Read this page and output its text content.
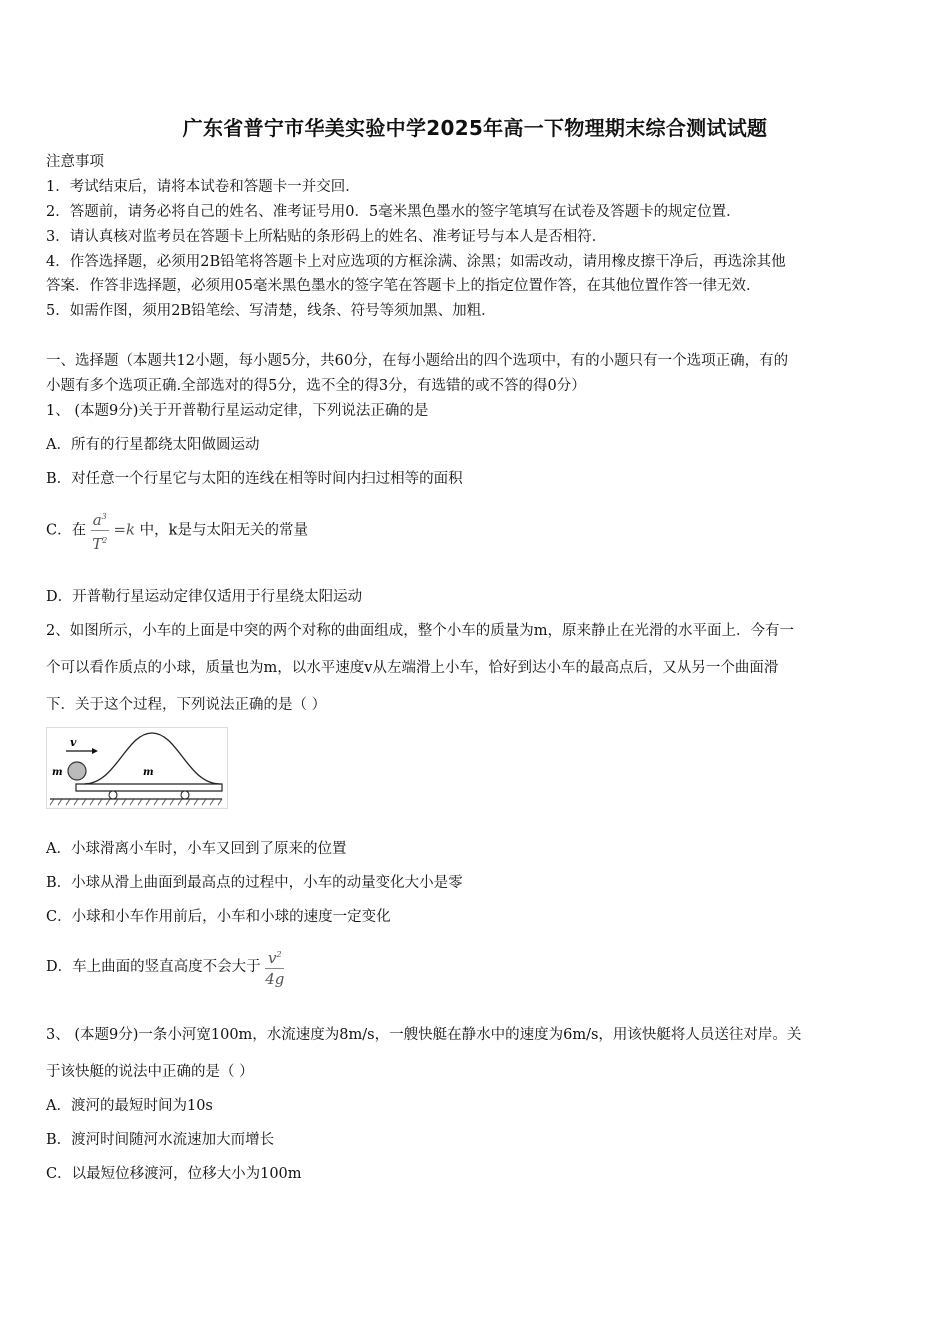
广东省普宁市华美实验中学2025年高一下物理期末综合测试试题
注意事项
1．考试结束后，请将本试卷和答题卡一并交回．
2．答题前，请务必将自己的姓名、准考证号用0．5毫米黑色墨水的签字笔填写在试卷及答题卡的规定位置．
3．请认真核对监考员在答题卡上所粘贴的条形码上的姓名、准考证号与本人是否相符．
4．作答选择题，必须用2B铅笔将答题卡上对应选项的方框涂满、涂黑；如需改动，请用橡皮擦干净后，再选涂其他
答案．作答非选择题，必须用05毫米黑色墨水的签字笔在答题卡上的指定位置作答，在其他位置作答一律无效．
5．如需作图，须用2B铅笔绘、写清楚，线条、符号等须加黑、加粗．
一、选择题（本题共12小题，每小题5分，共60分，在每小题给出的四个选项中，有的小题只有一个选项正确，有的
小题有多个选项正确.全部选对的得5分，选不全的得3分，有选错的或不答的得0分）
1、 (本题9分)关于开普勒行星运动定律，下列说法正确的是
A．所有的行星都绕太阳做圆运动
B．对任意一个行星它与太阳的连线在相等时间内扫过相等的面积
C．在 $\frac{a^3}{T^2} =k$ 中，k是与太阳无关的常量
D．开普勒行星运动定律仅适用于行星绕太阳运动
2、如图所示，小车的上面是中突的两个对称的曲面组成，整个小车的质量为m，原来静止在光滑的水平面上．今有一
个可以看作质点的小球，质量也为m，以水平速度v从左端滑上小车，恰好到达小车的最高点后，又从另一个曲面滑
下．关于这个过程，下列说法正确的是（ ）
v
m	m
A．小球滑离小车时，小车又回到了原来的位置
B．小球从滑上曲面到最高点的过程中，小车的动量变化大小是零
C．小球和小车作用前后，小车和小球的速度一定变化
D．车上曲面的竖直高度不会大于 $\frac{v^2}{4g}$
3、 (本题9分)一条小河宽100m，水流速度为8m/s，一艘快艇在静水中的速度为6m/s，用该快艇将人员送往对岸。关
于该快艇的说法中正确的是（ ）
A．渡河的最短时间为10s
B．渡河时间随河水流速加大而增长
C．以最短位移渡河，位移大小为100m
